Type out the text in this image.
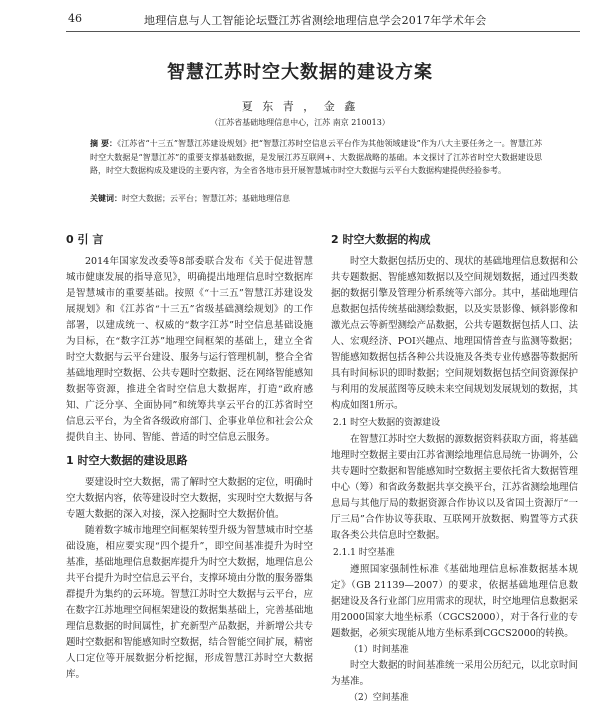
46	地理信息与人工智能论坛暨江苏省测绘地理信息学会2017年学术年会
智慧江苏时空大数据的建设方案
夏 东 青 ， 金 鑫
（江苏省基础地理信息中心，江苏 南京 210013）
摘 要：《江苏省“十三五”智慧江苏建设规划》把“智慧江苏时空信息云平台作为其他领域建设”作为八大主要任务之一。智慧江苏时空大数据是“智慧江苏”的重要支撑基础数据，是发展江苏互联网+、大数据战略的基础。本文探讨了江苏省时空大数据建设思路，时空大数据构成及建设的主要内容，为全省各地市县开展智慧城市时空大数据与云平台大数据构建提供经验参考。
关键词：时空大数据；云平台；智慧江苏；基础地理信息
0 引 言

2014年国家发改委等8部委联合发布《关于促进智慧城市健康发展的指导意见》，明确提出地理信息时空数据库是智慧城市的重要基础。按照《“十三五”智慧江苏建设发展规划》和《江苏省“十三五”省级基础测绘规划》的工作部署，以建成统一、权威的“数字江苏”时空信息基础设施为目标，在“数字江苏”地理空间框架的基础上，建立全省时空大数据与云平台建设、服务与运行管理机制，整合全省基础地理时空数据、公共专题时空数据、泛在网络智能感知数据等资源，推进全省时空信息大数据库，打造“政府感知、广泛分享、全面协同”和统筹共享云平台的江苏省时空信息云平台，为全省各级政府部门、企事业单位和社会公众提供自主、协同、智能、普适的时空信息云服务。

1 时空大数据的建设思路

要建设时空大数据，需了解时空大数据的定位，明确时空大数据内容，依等建设时空大数据，实现时空大数据与各专题大数据的深入对接，深入挖掘时空大数据价值。

随着数字城市地理空间框架转型升级为智慧城市时空基础设施，相应要实现“四个提升”，即空间基准提升为时空基准，基础地理信息数据库提升为时空大数据，地理信息公共平台提升为时空信息云平台，支撑环境由分散的服务器集群提升为集约的云环境。智慧江苏时空大数据与云平台，应在数字江苏地理空间框架建设的数据集基础上，完善基础地理信息数据的时间属性，扩充新型产品数据，并新增公共专题时空数据和智能感知时空数据，结合智能空间扩展，精密人口定位等开展数据分析挖掘，形成智慧江苏时空大数据库。

2 时空大数据的构成

时空大数据包括历史的、现状的基础地理信息数据和公共专题数据、智能感知数据以及空间规划数据，通过四类数据的数据引擎及管理分析系统等六部分。其中，基础地理信息数据包括传统基础测绘数据，以及实景影像、倾斜影像和激光点云等新型测绘产品数据，公共专题数据包括人口、法人、宏观经济、POI兴趣点、地理国情普查与监测等数据；智能感知数据包括各种公共设施及各类专业传感器等数据所具有时间标识的即时数据；空间规划数据包括空间资源保护与利用的发展蓝图等反映未来空间规划发展规划的数据，其构成如图1所示。

2.1 时空大数据的资源建设

在智慧江苏时空大数据的源数据资料获取方面，将基础地理时空数据主要由江苏省测绘地理信息局统一协调外，公共专题时空数据和智能感知时空数据主要依托省大数据管理中心（筹）和省政务数据共享交换平台，江苏省测绘地理信息局与其他厅局的数据资源合作协议以及省国土资源厅“一厅三局”合作协议等获取、互联网开放数据、购置等方式获取各类公共信息时空数据。

2.1.1 时空基准

遵照国家强制性标准《基础地理信息标准数据基本规定》（GB 21139—2007）的要求，依据基础地理信息数据建设及各行业部门应用需求的现状，时空地理信息数据采用2000国家大地坐标系（CGCS2000），对于各行业的专题数据，必须实现能从地方坐标系到CGCS2000的转换。

（1）时间基准

时空大数据的时间基准统一采用公历纪元，以北京时间为基准。

（2）空间基准
